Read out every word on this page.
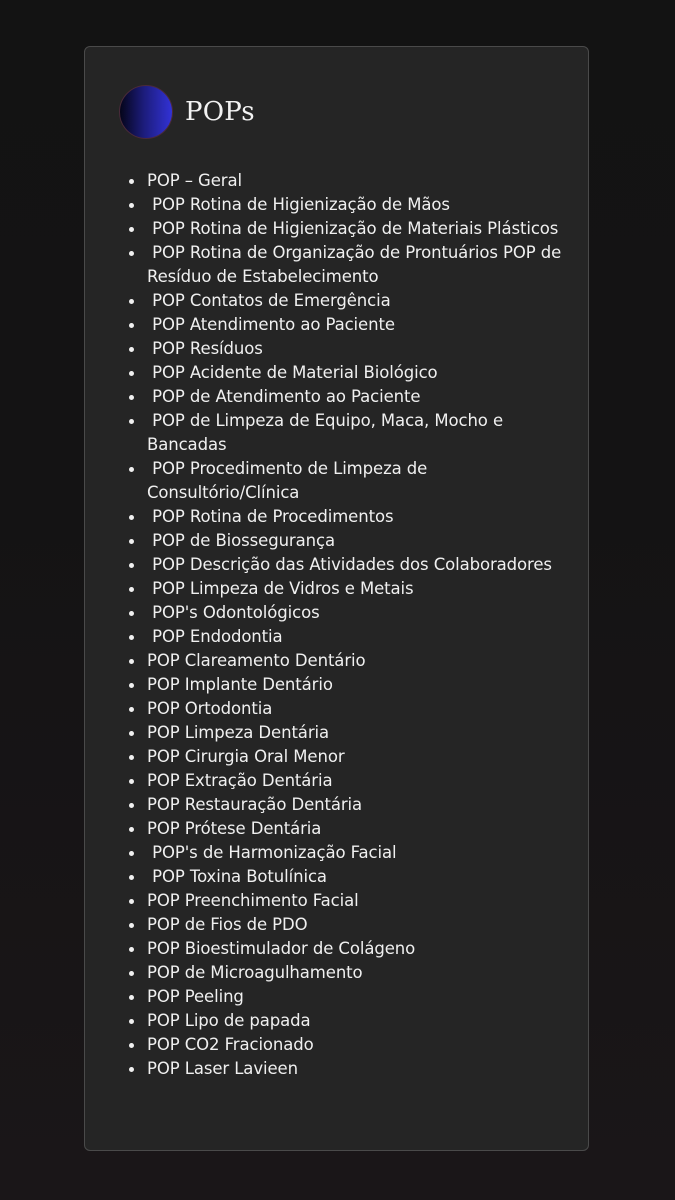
POPs
POP – Geral
POP Rotina de Higienização de Mãos
POP Rotina de Higienização de Materiais Plásticos
POP Rotina de Organização de Prontuários POP de Resíduo de Estabelecimento
POP Contatos de Emergência
POP Atendimento ao Paciente
POP Resíduos
POP Acidente de Material Biológico
POP de Atendimento ao Paciente
POP de Limpeza de Equipo, Maca, Mocho e Bancadas
POP Procedimento de Limpeza de Consultório/Clínica
POP Rotina de Procedimentos
POP de Biossegurança
POP Descrição das Atividades dos Colaboradores
POP Limpeza de Vidros e Metais
POP's Odontológicos
POP Endodontia
POP Clareamento Dentário
POP Implante Dentário
POP Ortodontia
POP Limpeza Dentária
POP Cirurgia Oral Menor
POP Extração Dentária
POP Restauração Dentária
POP Prótese Dentária
POP's de Harmonização Facial
POP Toxina Botulínica
POP Preenchimento Facial
POP de Fios de PDO
POP Bioestimulador de Colágeno
POP de Microagulhamento
POP Peeling
POP Lipo de papada
POP CO2 Fracionado
POP Laser Lavieen
